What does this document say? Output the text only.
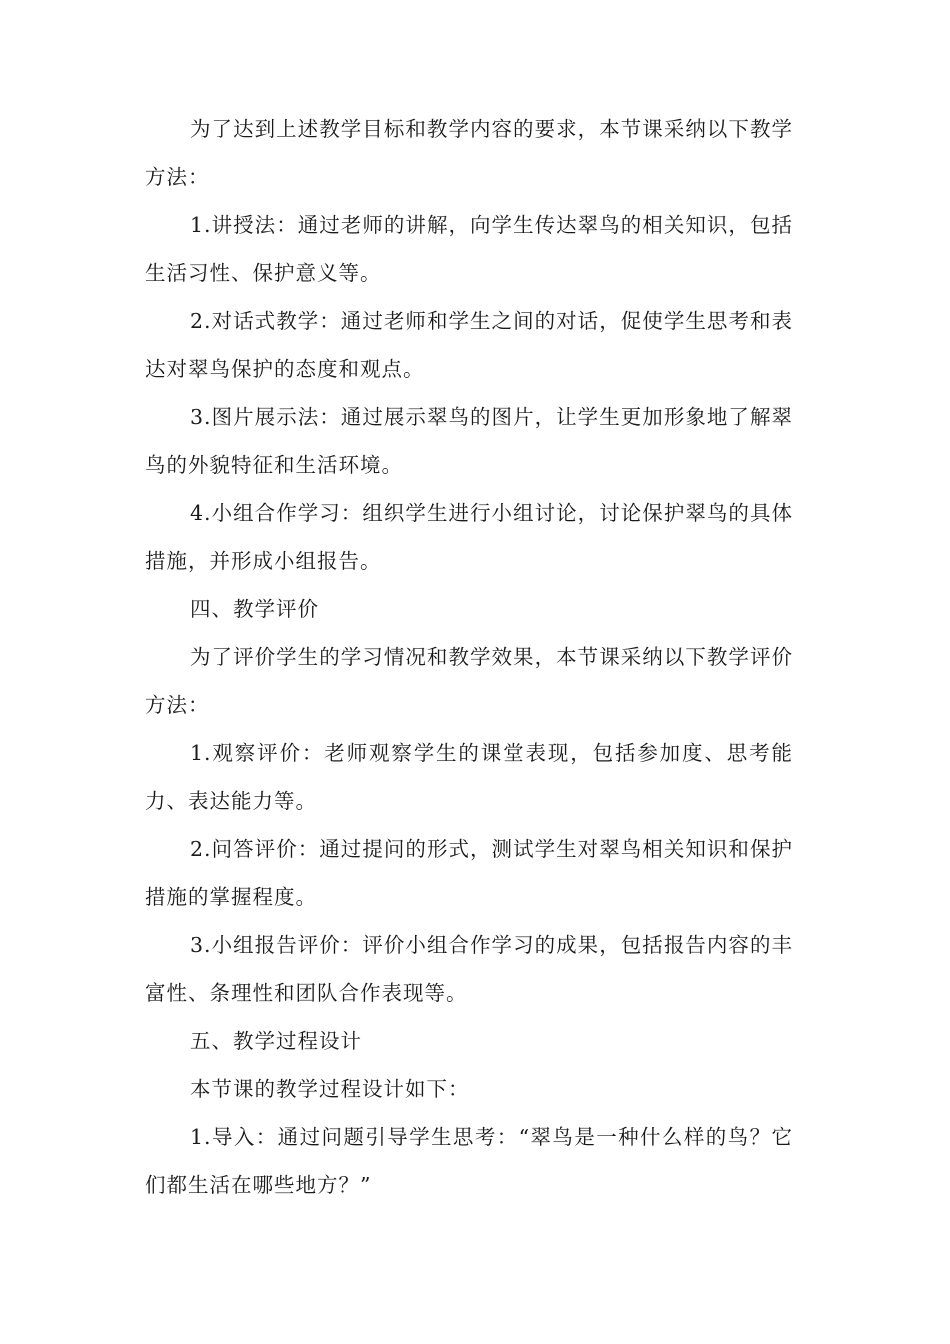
为了达到上述教学目标和教学内容的要求，本节课采纳以下教学方法：

1.讲授法：通过老师的讲解，向学生传达翠鸟的相关知识，包括生活习性、保护意义等。

2.对话式教学：通过老师和学生之间的对话，促使学生思考和表达对翠鸟保护的态度和观点。

3.图片展示法：通过展示翠鸟的图片，让学生更加形象地了解翠鸟的外貌特征和生活环境。

4.小组合作学习：组织学生进行小组讨论，讨论保护翠鸟的具体措施，并形成小组报告。

四、教学评价

为了评价学生的学习情况和教学效果，本节课采纳以下教学评价方法：

1.观察评价：老师观察学生的课堂表现，包括参加度、思考能力、表达能力等。

2.问答评价：通过提问的形式，测试学生对翠鸟相关知识和保护措施的掌握程度。

3.小组报告评价：评价小组合作学习的成果，包括报告内容的丰富性、条理性和团队合作表现等。

五、教学过程设计

本节课的教学过程设计如下：

1.导入：通过问题引导学生思考：“翠鸟是一种什么样的鸟？它们都生活在哪些地方？”
